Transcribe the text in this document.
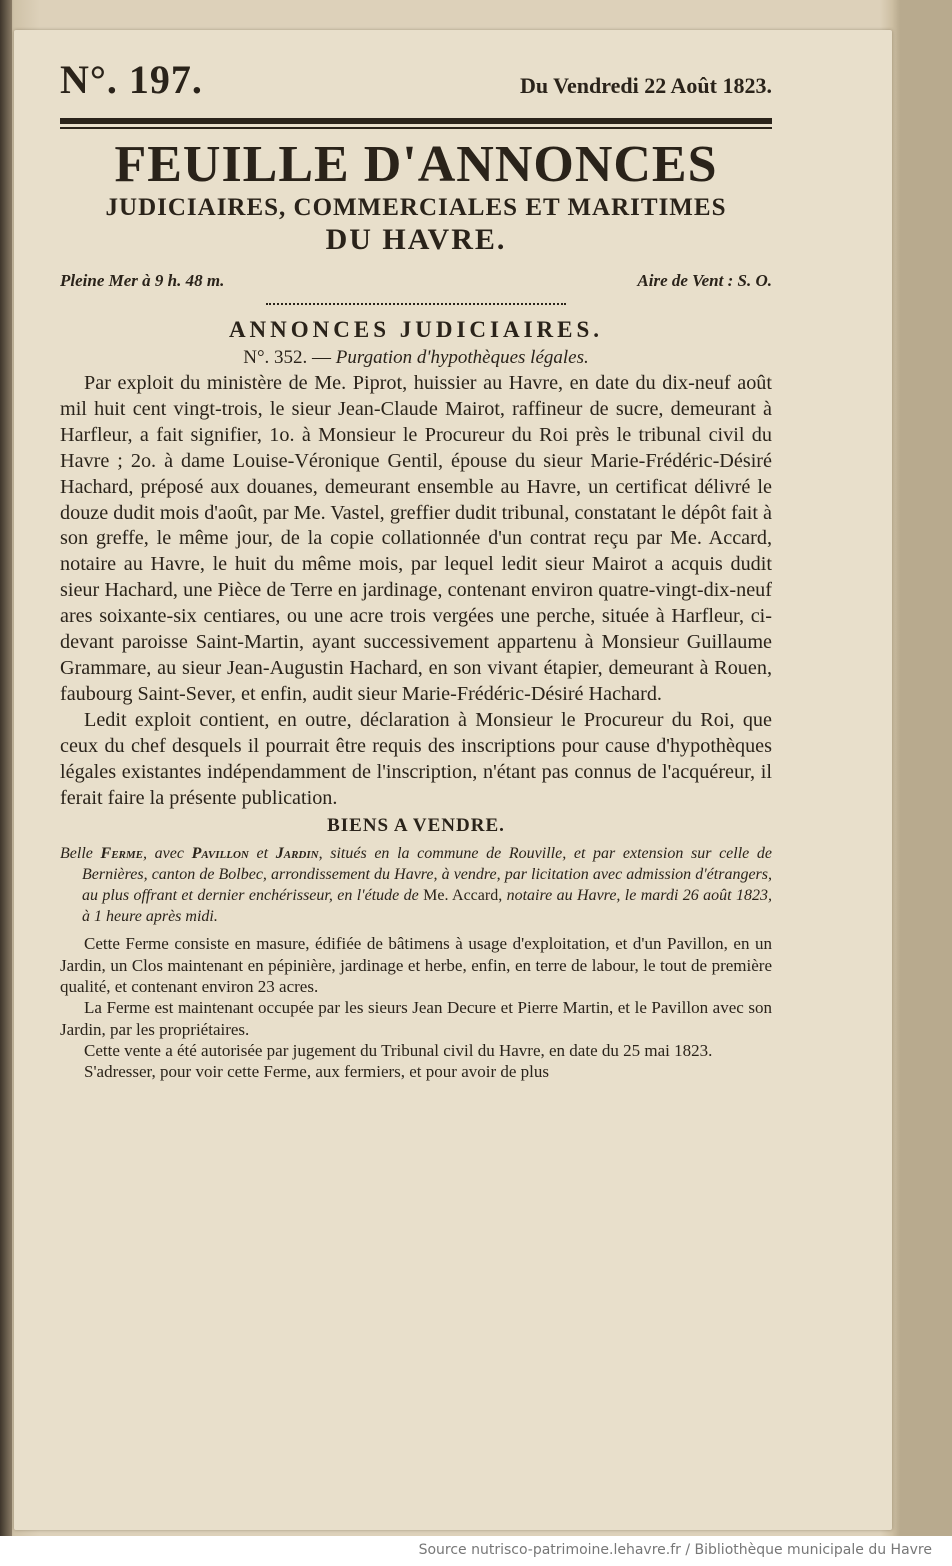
N°. 197.	Du Vendredi 22 Août 1823.
FEUILLE D'ANNONCES
JUDICIAIRES, COMMERCIALES ET MARITIMES
DU HAVRE.
Pleine Mer à 9 h. 48 m.	Aire de Vent : S. O.
ANNONCES JUDICIAIRES.
N°. 352. — Purgation d'hypothèques légales.

Par exploit du ministère de Me. Piprot, huissier au Havre, en date du dix-neuf août mil huit cent vingt-trois, le sieur Jean-Claude Mairot, raffineur de sucre, demeurant à Harfleur, a fait signifier, 1o. à Monsieur le Procureur du Roi près le tribunal civil du Havre ; 2o. à dame Louise-Véronique Gentil, épouse du sieur Marie-Frédéric-Désiré Hachard, préposé aux douanes, demeurant ensemble au Havre, un certificat délivré le douze dudit mois d'août, par Me. Vastel, greffier dudit tribunal, constatant le dépôt fait à son greffe, le même jour, de la copie collationnée d'un contrat reçu par Me. Accard, notaire au Havre, le huit du même mois, par lequel ledit sieur Mairot a acquis dudit sieur Hachard, une Pièce de Terre en jardinage, contenant environ quatre-vingt-dix-neuf ares soixante-six centiares, ou une acre trois vergées une perche, située à Harfleur, ci-devant paroisse Saint-Martin, ayant successivement appartenu à Monsieur Guillaume Grammare, au sieur Jean-Augustin Hachard, en son vivant étapier, demeurant à Rouen, faubourg Saint-Sever, et enfin, audit sieur Marie-Frédéric-Désiré Hachard.

Ledit exploit contient, en outre, déclaration à Monsieur le Procureur du Roi, que ceux du chef desquels il pourrait être requis des inscriptions pour cause d'hypothèques légales existantes indépendamment de l'inscription, n'étant pas connus de l'acquéreur, il ferait faire la présente publication.

BIENS A VENDRE.
Belle Ferme, avec Pavillon et Jardin, situés en la commune de Rouville, et par extension sur celle de Bernières, canton de Bolbec, arrondissement du Havre, à vendre, par licitation avec admission d'étrangers, au plus offrant et dernier enchérisseur, en l'étude de Me. Accard, notaire au Havre, le mardi 26 août 1823, à 1 heure après midi.

Cette Ferme consiste en masure, édifiée de bâtimens à usage d'exploitation, et d'un Pavillon, en un Jardin, un Clos maintenant en pépinière, jardinage et herbe, enfin, en terre de labour, le tout de première qualité, et contenant environ 23 acres.

La Ferme est maintenant occupée par les sieurs Jean Decure et Pierre Martin, et le Pavillon avec son Jardin, par les propriétaires.

Cette vente a été autorisée par jugement du Tribunal civil du Havre, en date du 25 mai 1823.

S'adresser, pour voir cette Ferme, aux fermiers, et pour avoir de plus

Source nutrisco-patrimoine.lehavre.fr / Bibliothèque municipale du Havre
